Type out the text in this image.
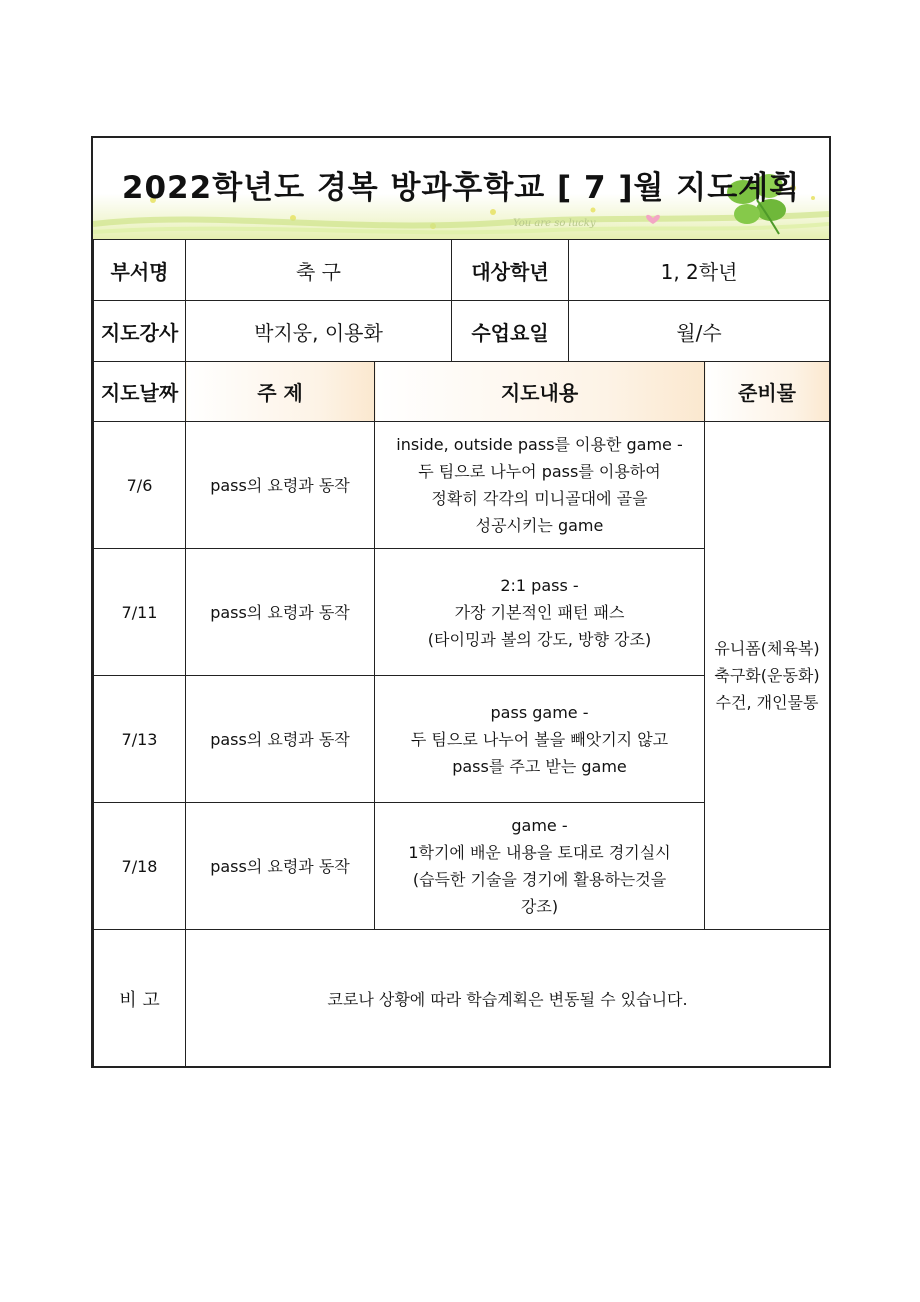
You are so lucky
2022학년도 경복 방과후학교 [ 7 ]월 지도계획
부서명	축 구		대상학년	1, 2학년	
지도강사	박지웅, 이용화		수업요일	월/수	
지도날짜	주 제	지도내용			준비물
7/6	pass의 요령과 동작	inside, outside pass를 이용한 game -
두 팀으로 나누어 pass를 이용하여
정확히 각각의 미니골대에 골을
성공시키는 game			유니폼(체육복)
축구화(운동화)
수건, 개인물통

7/11	pass의 요령과 동작	2:1 pass -
가장 기본적인 패턴 패스
(타이밍과 볼의 강도, 방향 강조)			

7/13	pass의 요령과 동작	pass game -
두 팀으로 나누어 볼을 빼앗기지 않고
pass를 주고 받는 game			

7/18	pass의 요령과 동작	game -
1학기에 배운 내용을 토대로 경기실시
(습득한 기술을 경기에 활용하는것을
강조)			

비 고	코로나 상황에 따라 학습계획은 변동될 수 있습니다.				
